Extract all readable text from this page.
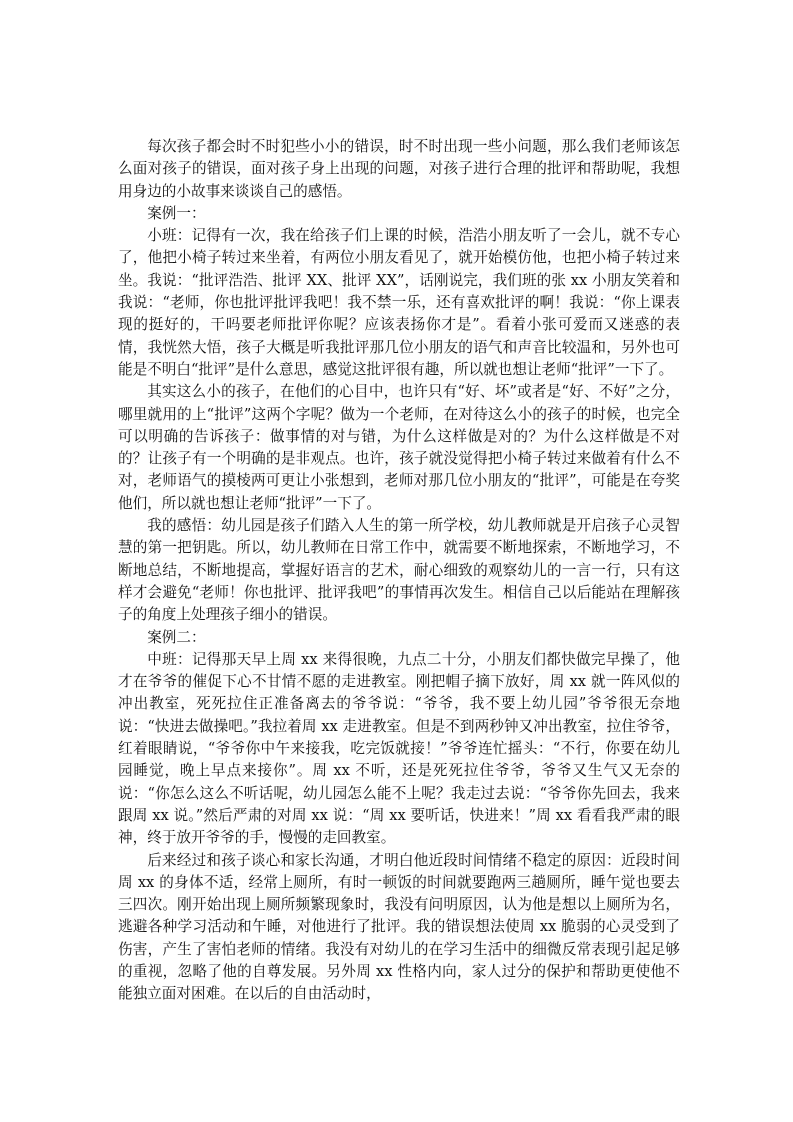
每次孩子都会时不时犯些小小的错误，时不时出现一些小问题，那么我们老师该怎么面对孩子的错误，面对孩子身上出现的问题，对孩子进行合理的批评和帮助呢，我想用身边的小故事来谈谈自己的感悟。

案例一：

小班：记得有一次，我在给孩子们上课的时候，浩浩小朋友听了一会儿，就不专心了，他把小椅子转过来坐着，有两位小朋友看见了，就开始模仿他，也把小椅子转过来坐。我说：“批评浩浩、批评 XX、批评 XX”，话刚说完，我们班的张 xx 小朋友笑着和我说：“老师，你也批评批评我吧！我不禁一乐，还有喜欢批评的啊！我说：“你上课表现的挺好的，干吗要老师批评你呢？应该表扬你才是”。看着小张可爱而又迷惑的表情，我恍然大悟，孩子大概是听我批评那几位小朋友的语气和声音比较温和，另外也可能是不明白“批评”是什么意思，感觉这批评很有趣，所以就也想让老师“批评”一下了。

其实这么小的孩子，在他们的心目中，也许只有“好、坏”或者是“好、不好”之分，哪里就用的上“批评”这两个字呢？做为一个老师，在对待这么小的孩子的时候，也完全可以明确的告诉孩子：做事情的对与错，为什么这样做是对的？为什么这样做是不对的？让孩子有一个明确的是非观点。也许，孩子就没觉得把小椅子转过来做着有什么不对，老师语气的摸棱两可更让小张想到，老师对那几位小朋友的“批评”，可能是在夸奖他们，所以就也想让老师“批评”一下了。

我的感悟：幼儿园是孩子们踏入人生的第一所学校，幼儿教师就是开启孩子心灵智慧的第一把钥匙。所以，幼儿教师在日常工作中，就需要不断地探索，不断地学习，不断地总结，不断地提高，掌握好语言的艺术，耐心细致的观察幼儿的一言一行，只有这样才会避免“老师！你也批评、批评我吧”的事情再次发生。相信自己以后能站在理解孩子的角度上处理孩子细小的错误。

案例二：

中班：记得那天早上周 xx 来得很晚，九点二十分，小朋友们都快做完早操了，他才在爷爷的催促下心不甘情不愿的走进教室。刚把帽子摘下放好，周 xx 就一阵风似的冲出教室，死死拉住正准备离去的爷爷说：“爷爷，我不要上幼儿园”爷爷很无奈地说：“快进去做操吧。”我拉着周 xx 走进教室。但是不到两秒钟又冲出教室，拉住爷爷，红着眼睛说，“爷爷你中午来接我，吃完饭就接！”爷爷连忙摇头：“不行，你要在幼儿园睡觉，晚上早点来接你”。周 xx 不听，还是死死拉住爷爷，爷爷又生气又无奈的说：“你怎么这么不听话呢，幼儿园怎么能不上呢？我走过去说：“爷爷你先回去，我来跟周 xx 说。”然后严肃的对周 xx 说：“周 xx 要听话，快进来！”周 xx 看看我严肃的眼神，终于放开爷爷的手，慢慢的走回教室。

后来经过和孩子谈心和家长沟通，才明白他近段时间情绪不稳定的原因：近段时间周 xx 的身体不适，经常上厕所，有时一顿饭的时间就要跑两三趟厕所，睡午觉也要去三四次。刚开始出现上厕所频繁现象时，我没有问明原因，认为他是想以上厕所为名，逃避各种学习活动和午睡，对他进行了批评。我的错误想法使周 xx 脆弱的心灵受到了伤害，产生了害怕老师的情绪。我没有对幼儿的在学习生活中的细微反常表现引起足够的重视，忽略了他的自尊发展。另外周 xx 性格内向，家人过分的保护和帮助更使他不能独立面对困难。在以后的自由活动时，
